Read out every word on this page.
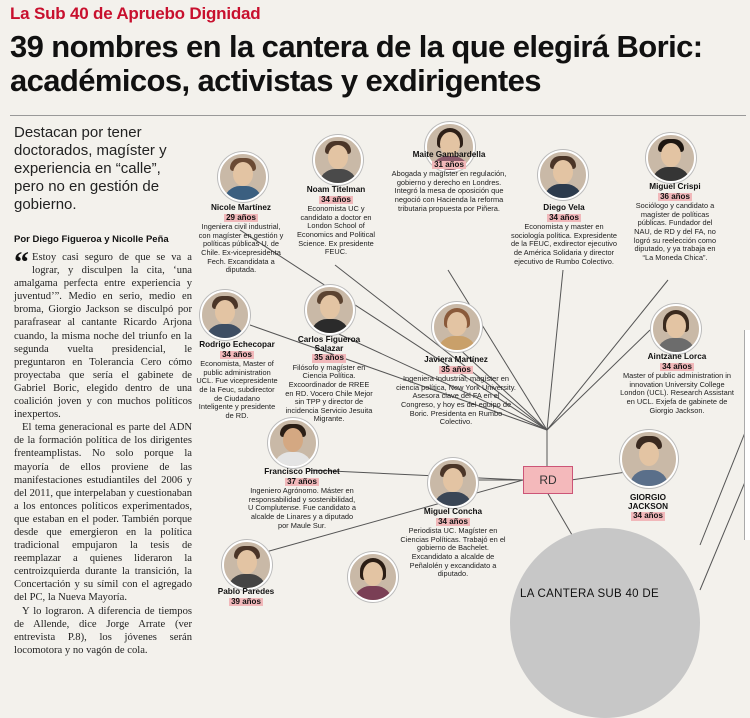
La Sub 40 de Apruebo Dignidad
39 nombres en la cantera de la que elegirá Boric: académicos, activistas y exdirigentes
Destacan por tener doctorados, magíster y experiencia en “calle”, pero no en gestión de gobierno.
Por Diego Figueroa y Nicolle Peña

“ Estoy casi seguro de que se va a lograr, y disculpen la cita, ‘una amalgama perfecta entre experiencia y juventud’”. Medio en serio, medio en broma, Giorgio Jackson se disculpó por parafrasear al cantante Ricardo Arjona cuando, la misma noche del triunfo en la segunda vuelta presidencial, le preguntaron en Tolerancia Cero cómo proyectaba que sería el gabinete de Gabriel Boric, elegido dentro de una coalición joven y con muchos políticos inexpertos.

El tema generacional es parte del ADN de la formación política de los dirigentes frenteamplistas. No solo porque la mayoría de ellos proviene de las manifestaciones estudiantiles del 2006 y del 2011, que interpelaban y cuestionaban a los entonces políticos experimentados, que estaban en el poder. También porque desde que emergieron en la política tradicional empujaron la tesis de reemplazar a quienes lideraron la centroizquierda durante la transición, la Concertación y su símil con el agregado del PC, la Nueva Mayoría.

Y lo lograron. A diferencia de tiempos de Allende, dice Jorge Arrate (ver entrevista P.8), los jóvenes serán locomotora y no vagón de cola.

Nicole Martínez
29 años
Ingeniera civil industrial, con magíster en gestión y políticas públicas U. de Chile. Ex-vicepresidenta Fech. Excandidata a diputada.
Noam Titelman
34 años
Economista UC y candidato a doctor en London School of Economics and Political Science. Ex presidente FEUC.
Maite Gambardella
31 años
Abogada y magíster en regulación, gobierno y derecho en Londres. Integró la mesa de oposición que negoció con Hacienda la reforma tributaria propuesta por Piñera.	Diego Vela
34 años
Economista y master en sociología política. Expresidente de la FEUC, exdirector ejecutivo de América Solidaria y director ejecutivo de Rumbo Colectivo.
Miguel Crispi
36 años
Sociólogo y candidato a magíster de políticas públicas. Fundador del NAU, de RD y del FA, no logró su reelección como diputado, y ya trabaja en “La Moneda Chica”.
Rodrigo Echecopar
34 años
Economista, Master of public administration UCL. Fue vicepresidente de la Feuc, subdirector de Ciudadano Inteligente y presidente de RD.
Carlos Figueroa Salazar
35 años
Filósofo y magíster en Ciencia Política. Excoordinador de RREE en RD. Vocero Chile Mejor sin TPP y director de incidencia Servicio Jesuita Migrante.
Javiera Martínez
35 años
Ingeniera Industrial, magíster en ciencia política, New York University. Asesora clave del FA en el Congreso, y hoy es del equipo de Boric. Presidenta en Rumbo Colectivo.
Aintzane Lorca
34 años
Master of public administration in innovation University College London (UCL). Research Assistant en UCL. Exjefa de gabinete de Giorgio Jackson.
Francisco Pinochet
37 años
Ingeniero Agrónomo. Máster en responsabilidad y sostenibilidad, U Complutense. Fue candidato a alcalde de Linares y a diputado por Maule Sur.
Miguel Concha
34 años
Periodista UC. Magíster en Ciencias Políticas. Trabajó en el gobierno de Bachelet. Excandidato a alcalde de Peñalolén y excandidato a diputado.
GIORGIO JACKSON
34 años
Pablo Paredes
39 años
RD
LA CANTERA SUB 40 DE
